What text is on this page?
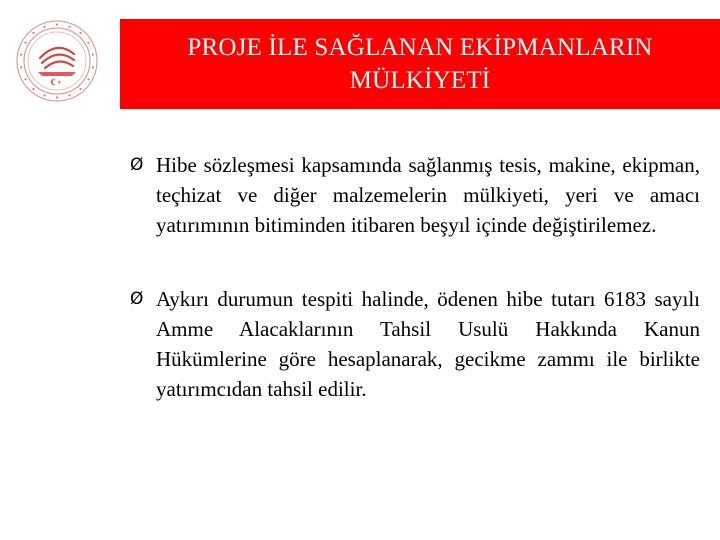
PROJE İLE SAĞLANAN EKİPMANLARIN
MÜLKİYETİ
Ø Hibe sözleşmesi kapsamında sağlanmış tesis, makine, ekipman, teçhizat ve diğer malzemelerin mülkiyeti, yeri ve amacı yatırımının bitiminden itibaren beşyıl içinde değiştirilemez.
Ø Aykırı durumun tespiti halinde, ödenen hibe tutarı 6183 sayılı Amme Alacaklarının Tahsil Usulü Hakkında Kanun Hükümlerine göre hesaplanarak, gecikme zammı ile birlikte yatırımcıdan tahsil edilir.
